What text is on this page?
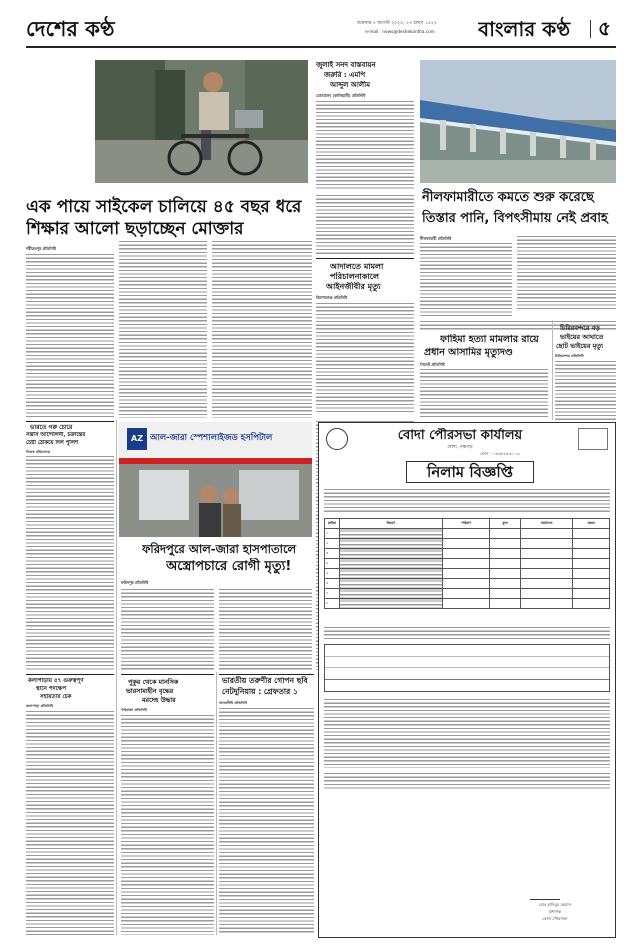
দেশের কণ্ঠ	শুক্রবার ৭ আগস্ট ২০২০, ২৩ শ্রাবণ ১৪২৭
e-mail : news@deshekantha.com	বাংলার কণ্ঠ	৫
জুলাই সনদ বাস্তবায়ন
জরুরি : এমপি
আব্দুল আলীম
মোতালেব (কালিহাতী) প্রতিনিধি
এক পায়ে সাইকেল চালিয়ে ৪৫ বছর ধরে শিক্ষার আলো ছড়াচ্ছেন মোক্তার
শরীয়তপুর প্রতিনিধি
নীলফামারীতে কমতে শুরু করেছে
তিস্তার পানি, বিপৎসীমায় নেই প্রবাহ
নীলফামারী প্রতিনিধি
আদালতে মামলা
পরিচালনাকালে
আইনজীবীর মৃত্যু
কিশোরগঞ্জ প্রতিনিধি
ফাহিমা হত্যা মামলার রায়ে
প্রধান আসামির মৃত্যুদণ্ড
সিলেট প্রতিনিধি
চিরিরবন্দরে বড়
ভাইয়ের আঘাতে
ছোট ভাইয়ের মৃত্যু
চিরিরবন্দর প্রতিনিধি
ভারতে গরু চোরে
সন্ত্রাস আন্দোলনী, চক্রান্তের
চেষ্টা ঠেকিয়ে দিল পুলিশ
নিজস্ব প্রতিবেদক
AZ আল-জারা স্পেশালাইজড হসপিটাল
ফরিদপুরে আল-জারা হাসপাতালে
অস্ত্রোপচারে রোগী মৃত্যু!
ফরিদপুর প্রতিনিধি
বোদা পৌরসভা কার্যালয়
বোদা, পঞ্চগড়
ফোন : ০৫৬৮৮৫৬০০৯
নিলাম বিজ্ঞপ্তি
ক্রমিক	বিবরণ	পরিমাণ	মূল্য	জামানত	মন্তব্য
১					
২					
৩					
৪					
৫					
৬					
৭					
৮					
মোঃ হাবিবুর রহমান
প্রশাসক
বোদা পৌরসভা
কলাপাড়ায় ৫৭ গুরুত্বপূর্ণ
স্থানে পদক্ষেপ
সহায়তার চেক
কলাপাড়া প্রতিনিধি
পুকুর থেকে মানসিক
ভারসাম্যহীন বৃদ্ধের
মরদেহ উদ্ধার
গাইবান্ধা প্রতিনিধি
ভারতীয় তরুণীর গোপন ছবি
নেটদুনিয়ায় : গ্রেফতার ১
আদমদীঘি প্রতিনিধি
